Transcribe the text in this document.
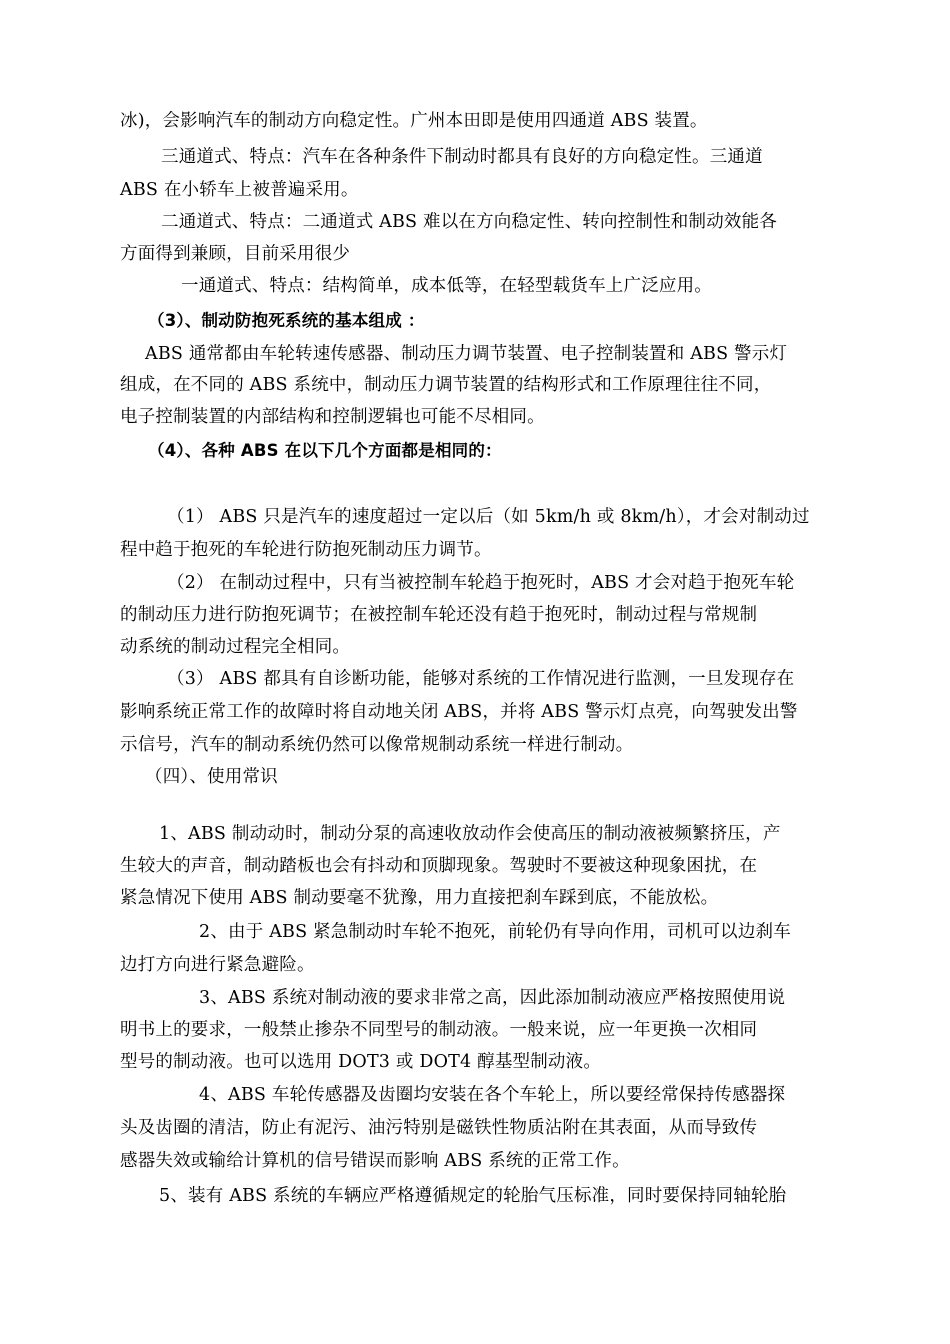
冰)，会影响汽车的制动方向稳定性。广州本田即是使用四通道 ABS 装置。
三通道式、特点：汽车在各种条件下制动时都具有良好的方向稳定性。三通道
ABS 在小轿车上被普遍采用。
二通道式、特点：二通道式 ABS 难以在方向稳定性、转向控制性和制动效能各
方面得到兼顾，目前采用很少
一通道式、特点：结构简单，成本低等，在轻型载货车上广泛应用。
（3）、制动防抱死系统的基本组成 ：
ABS 通常都由车轮转速传感器、制动压力调节装置、电子控制装置和 ABS 警示灯
组成，在不同的 ABS 系统中，制动压力调节装置的结构形式和工作原理往往不同，
电子控制装置的内部结构和控制逻辑也可能不尽相同。
（4）、各种 ABS 在以下几个方面都是相同的：
（1） ABS 只是汽车的速度超过一定以后（如 5km/h 或 8km/h），才会对制动过
程中趋于抱死的车轮进行防抱死制动压力调节。
（2） 在制动过程中，只有当被控制车轮趋于抱死时，ABS 才会对趋于抱死车轮
的制动压力进行防抱死调节；在被控制车轮还没有趋于抱死时，制动过程与常规制
动系统的制动过程完全相同。
（3） ABS 都具有自诊断功能，能够对系统的工作情况进行监测，一旦发现存在
影响系统正常工作的故障时将自动地关闭 ABS，并将 ABS 警示灯点亮，向驾驶发出警
示信号，汽车的制动系统仍然可以像常规制动系统一样进行制动。
（四）、使用常识
1、ABS 制动动时，制动分泵的高速收放动作会使高压的制动液被频繁挤压，产
生较大的声音，制动踏板也会有抖动和顶脚现象。驾驶时不要被这种现象困扰，在
紧急情况下使用 ABS 制动要毫不犹豫，用力直接把刹车踩到底，不能放松。
2、由于 ABS 紧急制动时车轮不抱死，前轮仍有导向作用，司机可以边刹车
边打方向进行紧急避险。
3、ABS 系统对制动液的要求非常之高，因此添加制动液应严格按照使用说
明书上的要求，一般禁止掺杂不同型号的制动液。一般来说，应一年更换一次相同
型号的制动液。也可以选用 DOT3 或 DOT4 醇基型制动液。
4、ABS 车轮传感器及齿圈均安装在各个车轮上，所以要经常保持传感器探
头及齿圈的清洁，防止有泥污、油污特别是磁铁性物质沾附在其表面，从而导致传
感器失效或输给计算机的信号错误而影响 ABS 系统的正常工作。
5、装有 ABS 系统的车辆应严格遵循规定的轮胎气压标准，同时要保持同轴轮胎
